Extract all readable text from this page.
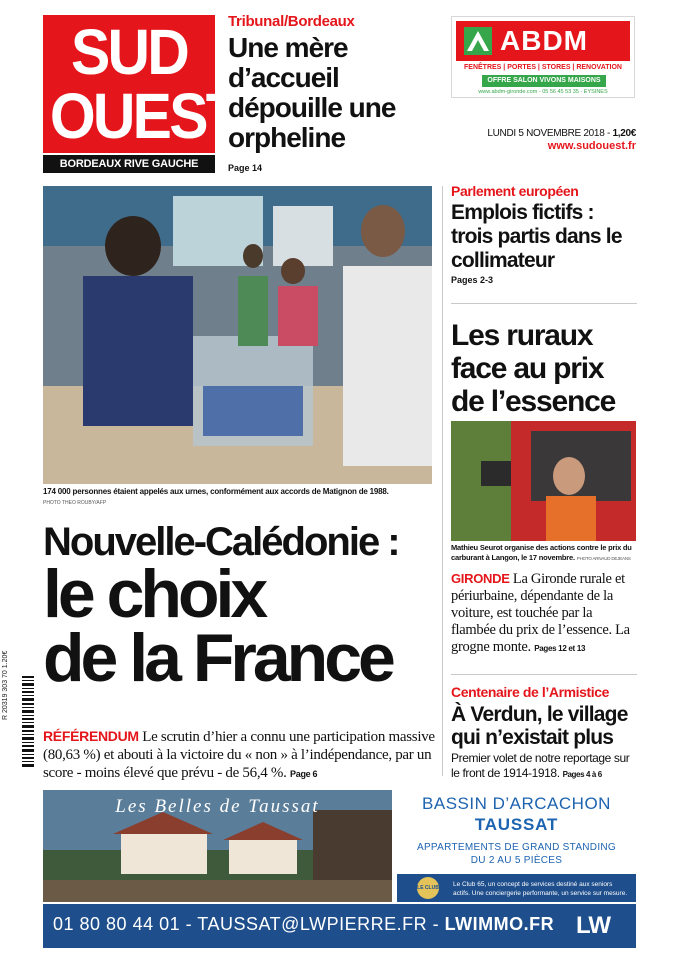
SUD
OUEST
BORDEAUX RIVE GAUCHE
Tribunal/Bordeaux
Une mère d’accueil dépouille une orpheline
Page 14
ABDM
FENÊTRES | PORTES | STORES | RENOVATION
OFFRE SALON VIVONS MAISONS
www.abdm-gironde.com - 05 56 45 53 35 - EYSINES
LUNDI 5 NOVEMBRE 2018 - 1,20€
www.sudouest.fr
174 000 personnes étaient appelés aux urnes, conformément aux accords de Matignon de 1988.
PHOTO THEO ROUBY/AFP
Nouvelle-Calédonie :
le choix
de la France
RÉFÉRENDUM Le scrutin d’hier a connu une participation massive (80,63 %) et abouti à la victoire du « non » à l’indépendance, par un score - moins élevé que prévu - de 56,4 %. Page 6
R 20319 303 70 1.20€
Parlement européen
Emplois fictifs : trois partis dans le collimateur
Pages 2-3
Les ruraux face au prix de l’essence
Mathieu Seurot organise des actions contre le prix du carburant à Langon, le 17 novembre. PHOTO ARNAUD DEJEANS
GIRONDE La Gironde rurale et périurbaine, dépendante de la voiture, est touchée par la flambée du prix de l’essence. La grogne monte. Pages 12 et 13
Centenaire de l’Armistice
À Verdun, le village qui n’existait plus
Premier volet de notre reportage sur le front de 1914-1918. Pages 4 à 6
Les Belles de Taussat	BASSIN D’ARCACHON
TAUSSAT
APPARTEMENTS DE GRAND STANDING
DU 2 AU 5 PIÈCES
LE CLUB Le Club 65, un concept de services destiné aux seniors actifs. Une conciergerie performante, un service sur mesure.
01 80 80 44 01 - TAUSSAT@LWPIERRE.FR - LWIMMO.FR LW
